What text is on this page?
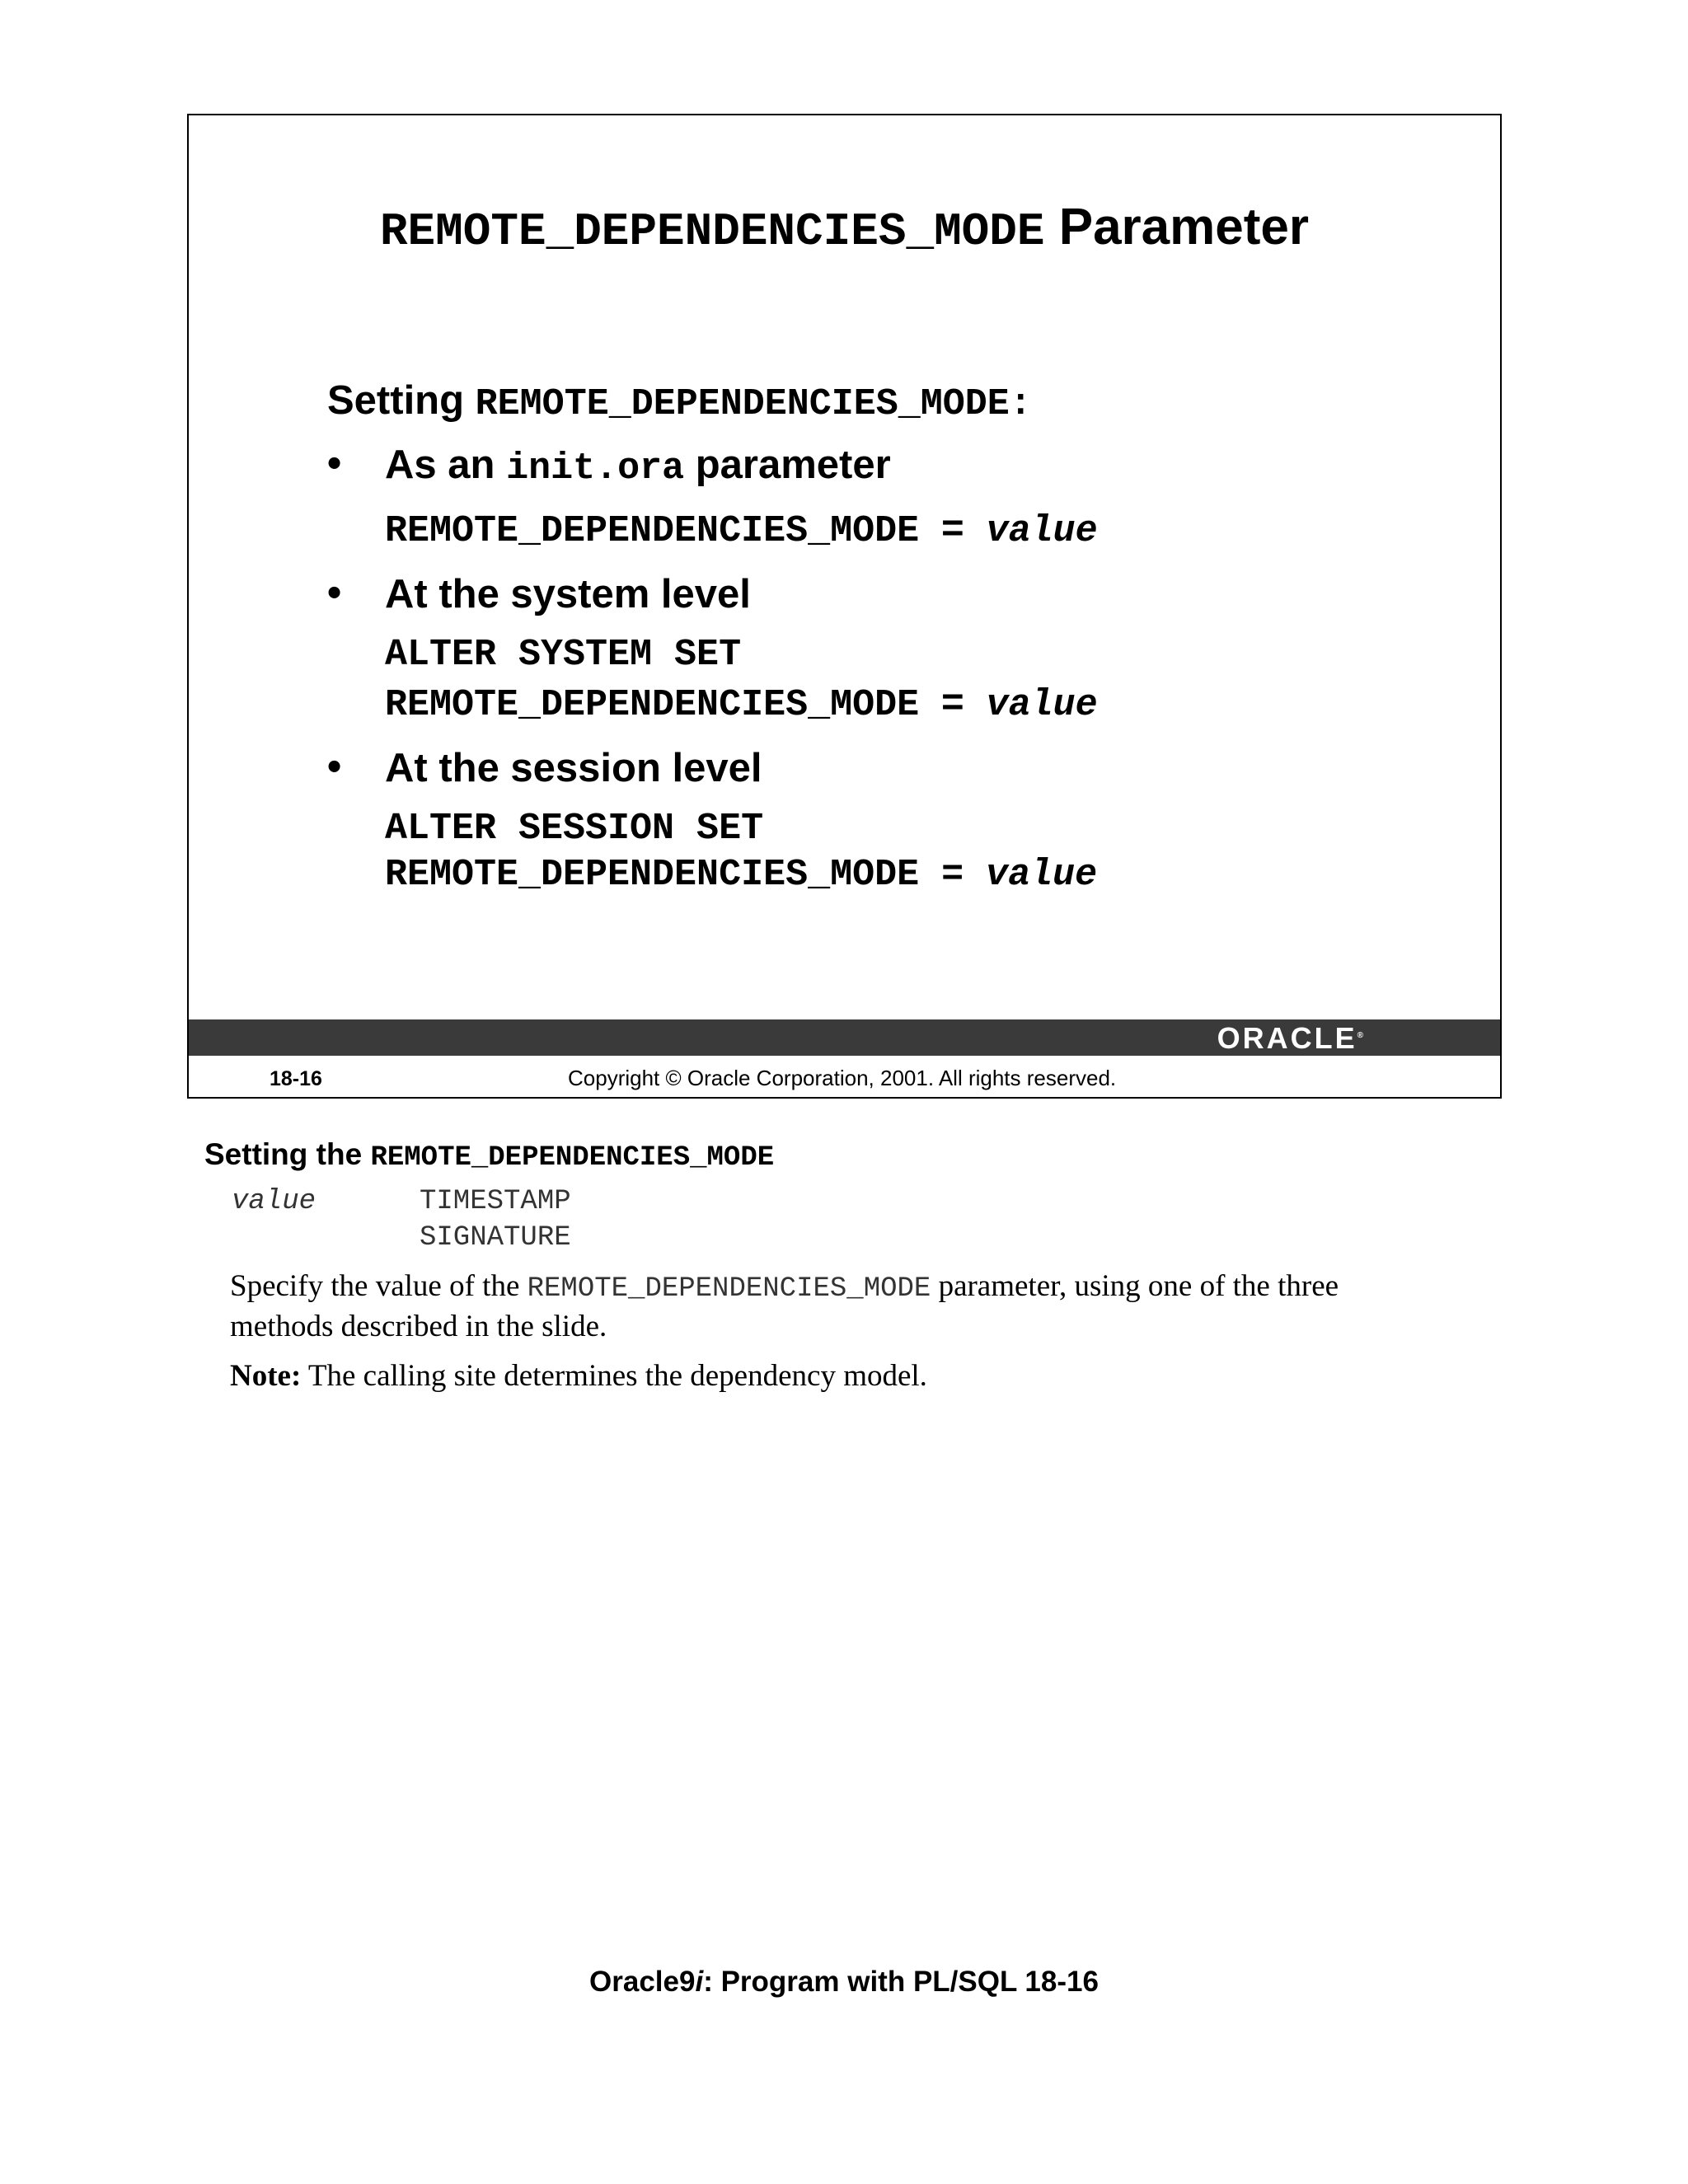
REMOTE_DEPENDENCIES_MODE Parameter
Setting REMOTE_DEPENDENCIES_MODE:
• As an init.ora parameter
REMOTE_DEPENDENCIES_MODE = value
• At the system level
ALTER SYSTEM SET
REMOTE_DEPENDENCIES_MODE = value
• At the session level
ALTER SESSION SET
REMOTE_DEPENDENCIES_MODE = value
ORACLE®
18-16	Copyright © Oracle Corporation, 2001. All rights reserved.
Setting the REMOTE_DEPENDENCIES_MODE
value	TIMESTAMP
SIGNATURE
Specify the value of the REMOTE_DEPENDENCIES_MODE parameter, using one of the three methods described in the slide.
Note: The calling site determines the dependency model.
Oracle9i: Program with PL/SQL 18-16
